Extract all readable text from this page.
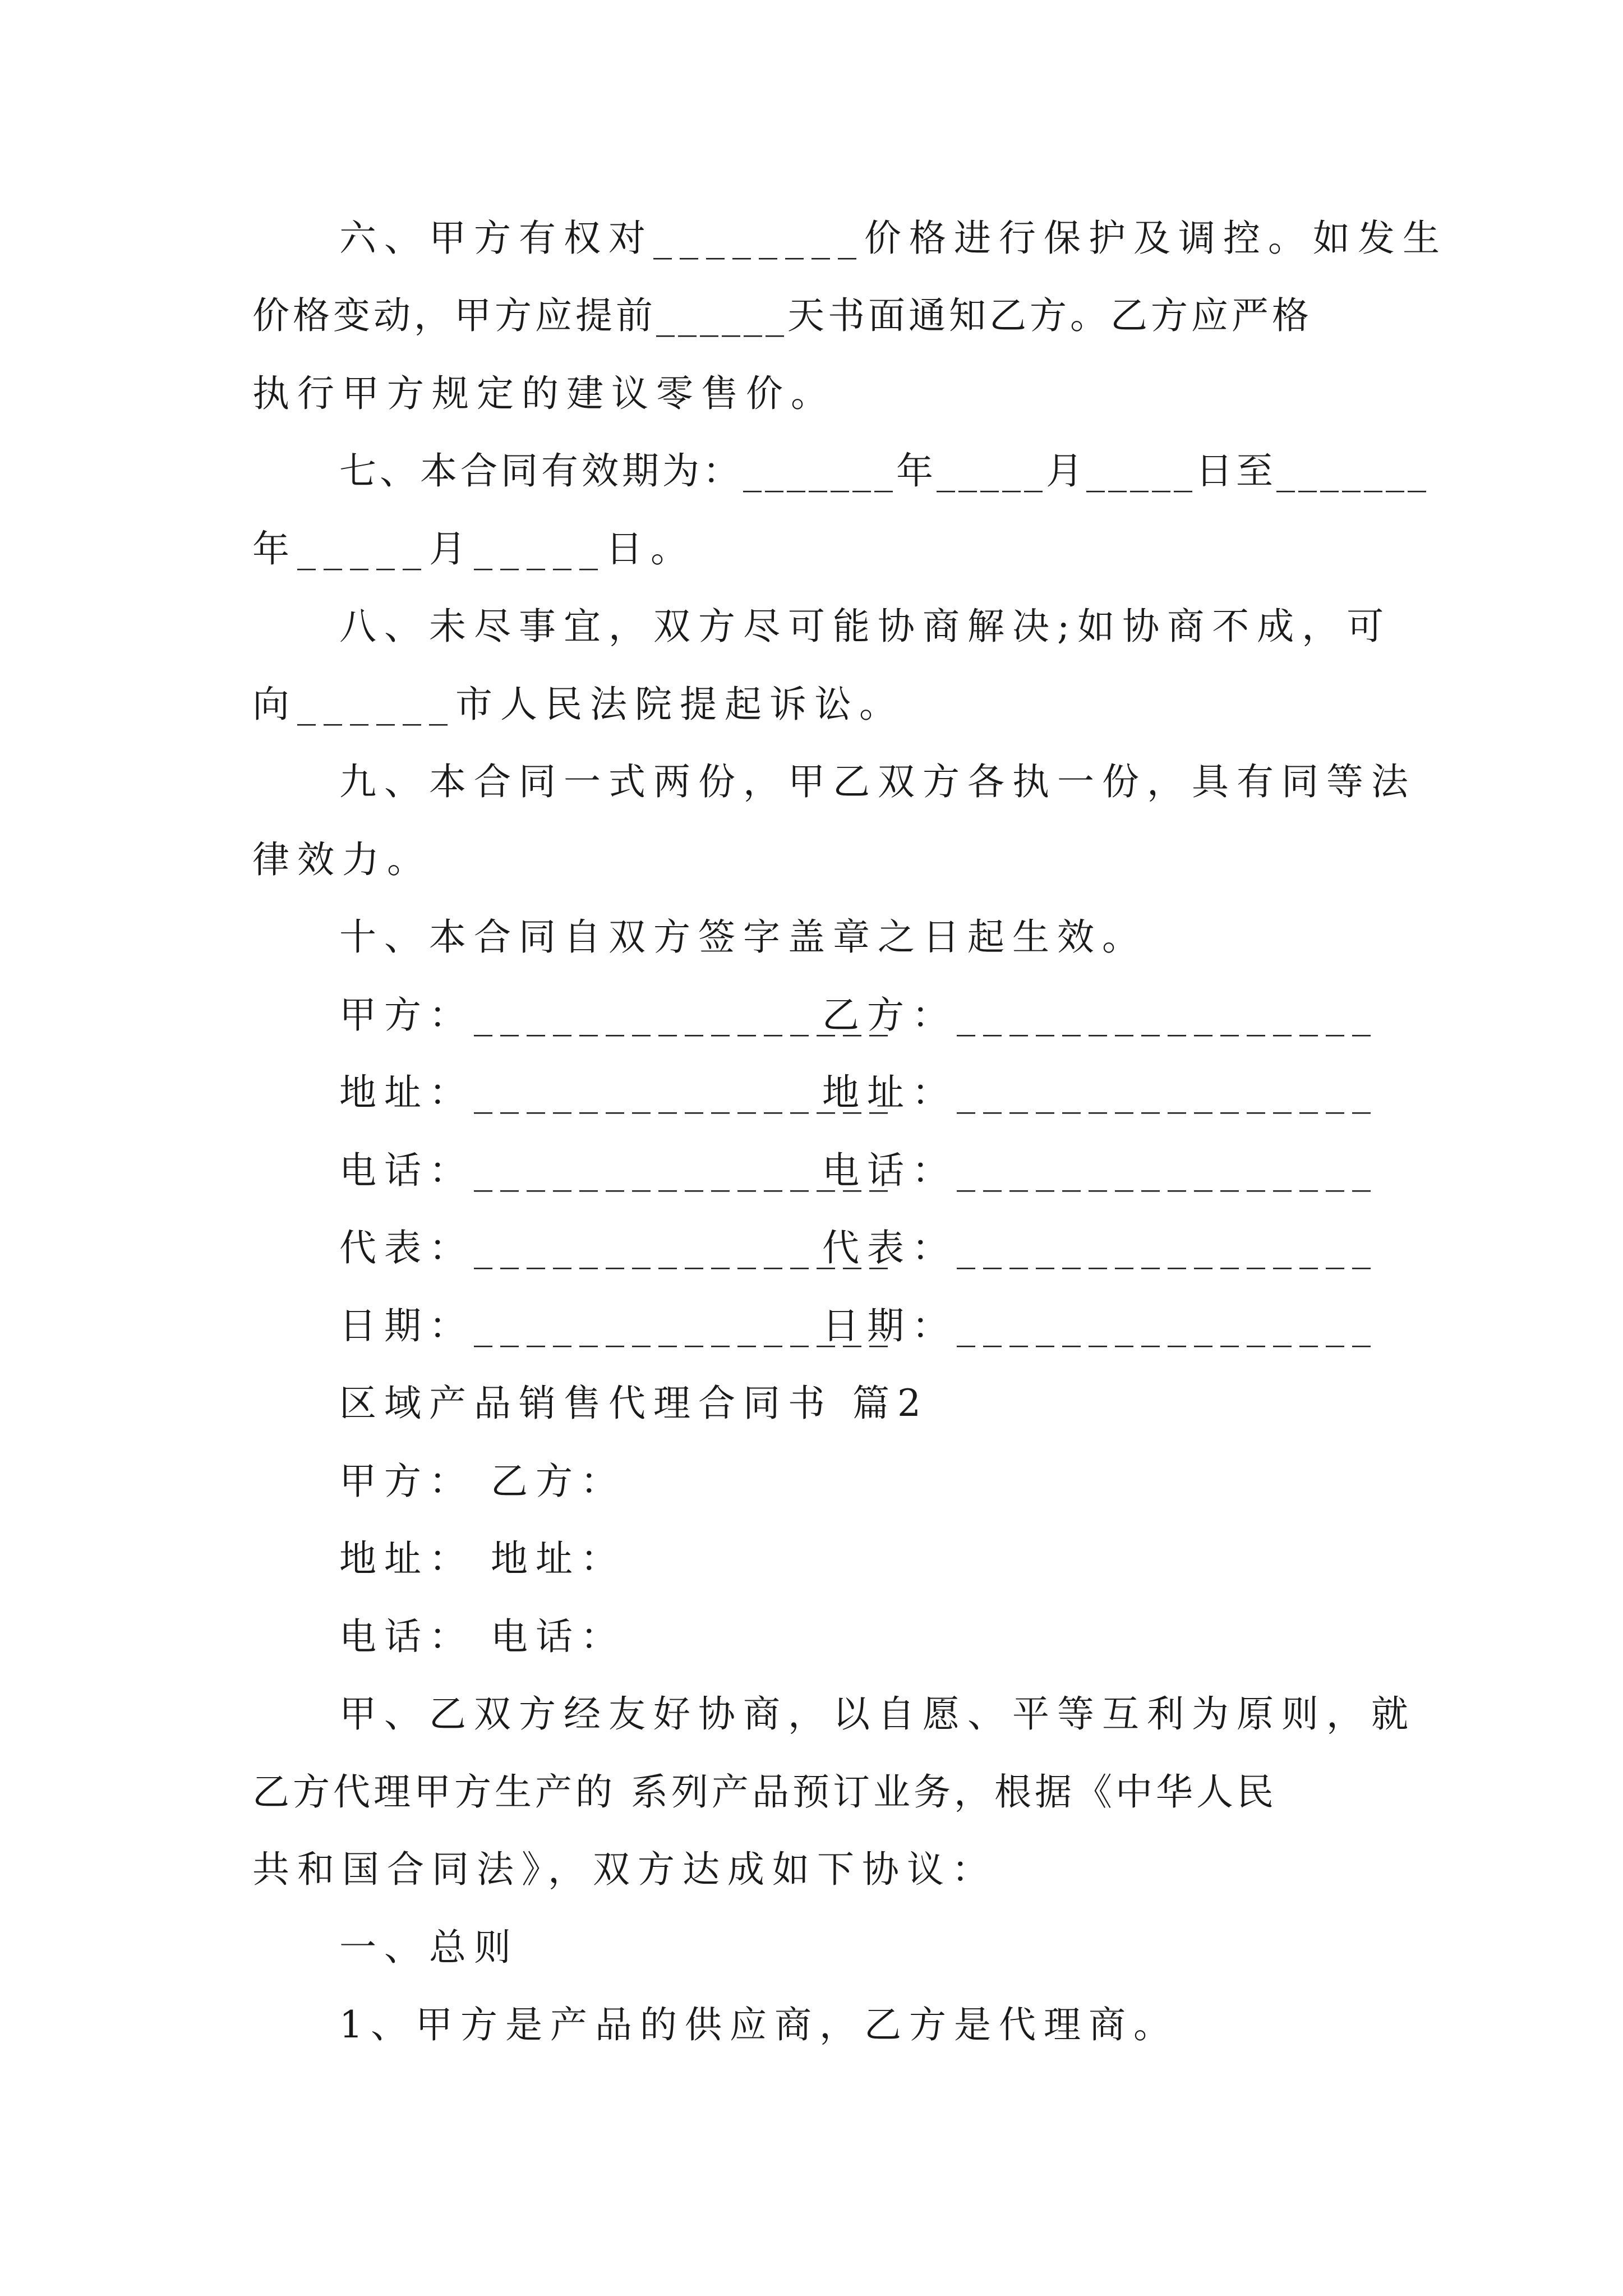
六、甲方有权对________价格进行保护及调控。如发生
价格变动，甲方应提前______天书面通知乙方。乙方应严格
执行甲方规定的建议零售价。
七、本合同有效期为：_______年_____月_____日至_______
年_____月_____日。
八、未尽事宜，双方尽可能协商解决;如协商不成，可
向______市人民法院提起诉讼。
九、本合同一式两份，甲乙双方各执一份，具有同等法
律效力。
十、本合同自双方签字盖章之日起生效。
甲方：________________
乙方：________________
地址：________________
地址：________________
电话：________________
电话：________________
代表：________________
代表：________________
日期：________________
日期：________________
区域产品销售代理合同书 篇2
甲方： 乙方：
地址： 地址：
电话： 电话：
甲、乙双方经友好协商，以自愿、平等互利为原则，就
乙方代理甲方生产的 系列产品预订业务，根据《中华人民
共和国合同法》，双方达成如下协议：
一、总则
1、甲方是产品的供应商，乙方是代理商。
